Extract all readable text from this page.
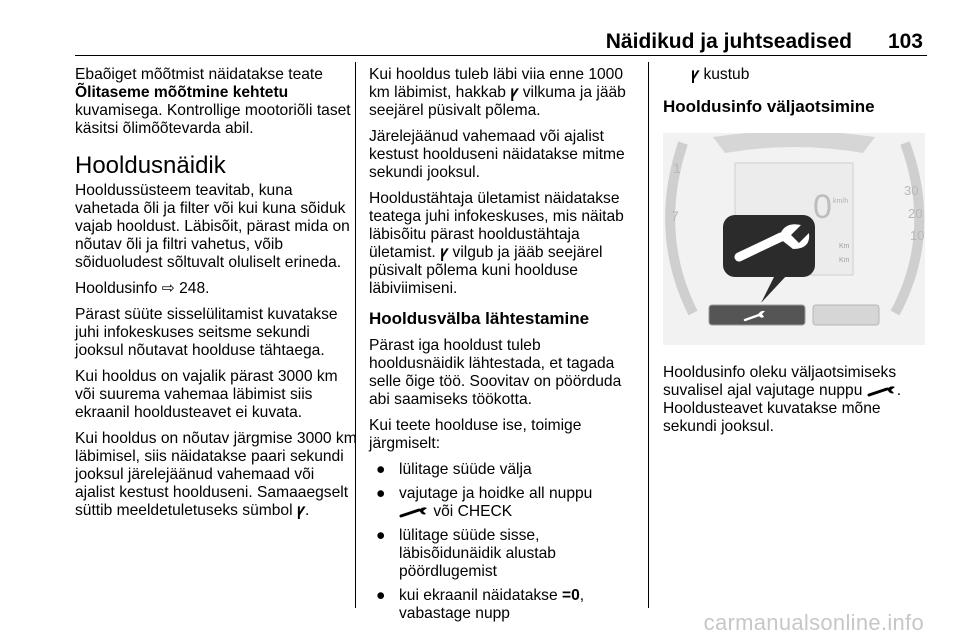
Näidikud ja juhtseadised 103

Ebaõiget mõõtmist näidatakse teate Õlitaseme mõõtmine kehtetu kuvamisega. Kontrollige mootoriõli taset käsitsi õlimõõtevarda abil.

Hooldusnäidik

Hooldussüsteem teavitab, kuna vahetada õli ja filter või kui kuna sõiduk vajab hooldust. Läbisõit, pärast mida on nõutav õli ja filtri vahetus, võib sõiduoludest sõltuvalt oluliselt erineda.

Hooldusinfo ⇨ 248.

Pärast süüte sisselülitamist kuvatakse juhi infokeskuses seitsme sekundi jooksul nõutavat hoolduse tähtaega.

Kui hooldus on vajalik pärast 3000 km või suurema vahemaa läbimist siis ekraanil hooldusteavet ei kuvata.

Kui hooldus on nõutav järgmise 3000 km läbimisel, siis näidatakse paari sekundi jooksul järelejäänud vahemaad või ajalist kestust hoolduseni. Samaaegselt süttib meeldetuletuseks sümbol ꝩ.

Kui hooldus tuleb läbi viia enne 1000 km läbimist, hakkab ꝩ vilkuma ja jääb seejärel püsivalt põlema.

Järelejäänud vahemaad või ajalist kestust hoolduseni näidatakse mitme sekundi jooksul.

Hooldustähtaja ületamist näidatakse teatega juhi infokeskuses, mis näitab läbisõitu pärast hooldustähtaja ületamist. ꝩ vilgub ja jääb seejärel püsivalt põlema kuni hoolduse läbiviimiseni.

Hooldusvälba lähtestamine

Pärast iga hooldust tuleb hooldusnäidik lähtestada, et tagada selle õige töö. Soovitav on pöörduda abi saamiseks töökotta.

Kui teete hoolduse ise, toimige järgmiselt:

● lülitage süüde välja
● vajutage ja hoidke all nuppu
või CHECK
● lülitage süüde sisse, läbisõidunäidik alustab pöördlugemist
● kui ekraanil näidatakse =0, vabastage nupp

ꝩ kustub

Hooldusinfo väljaotsimine
0 km/h
Km
Km
1
7
30
20
10

Hooldusinfo oleku väljaotsimiseks suvalisel ajal vajutage nuppu . Hooldusteavet kuvatakse mõne sekundi jooksul.

carmanualsonline.info
